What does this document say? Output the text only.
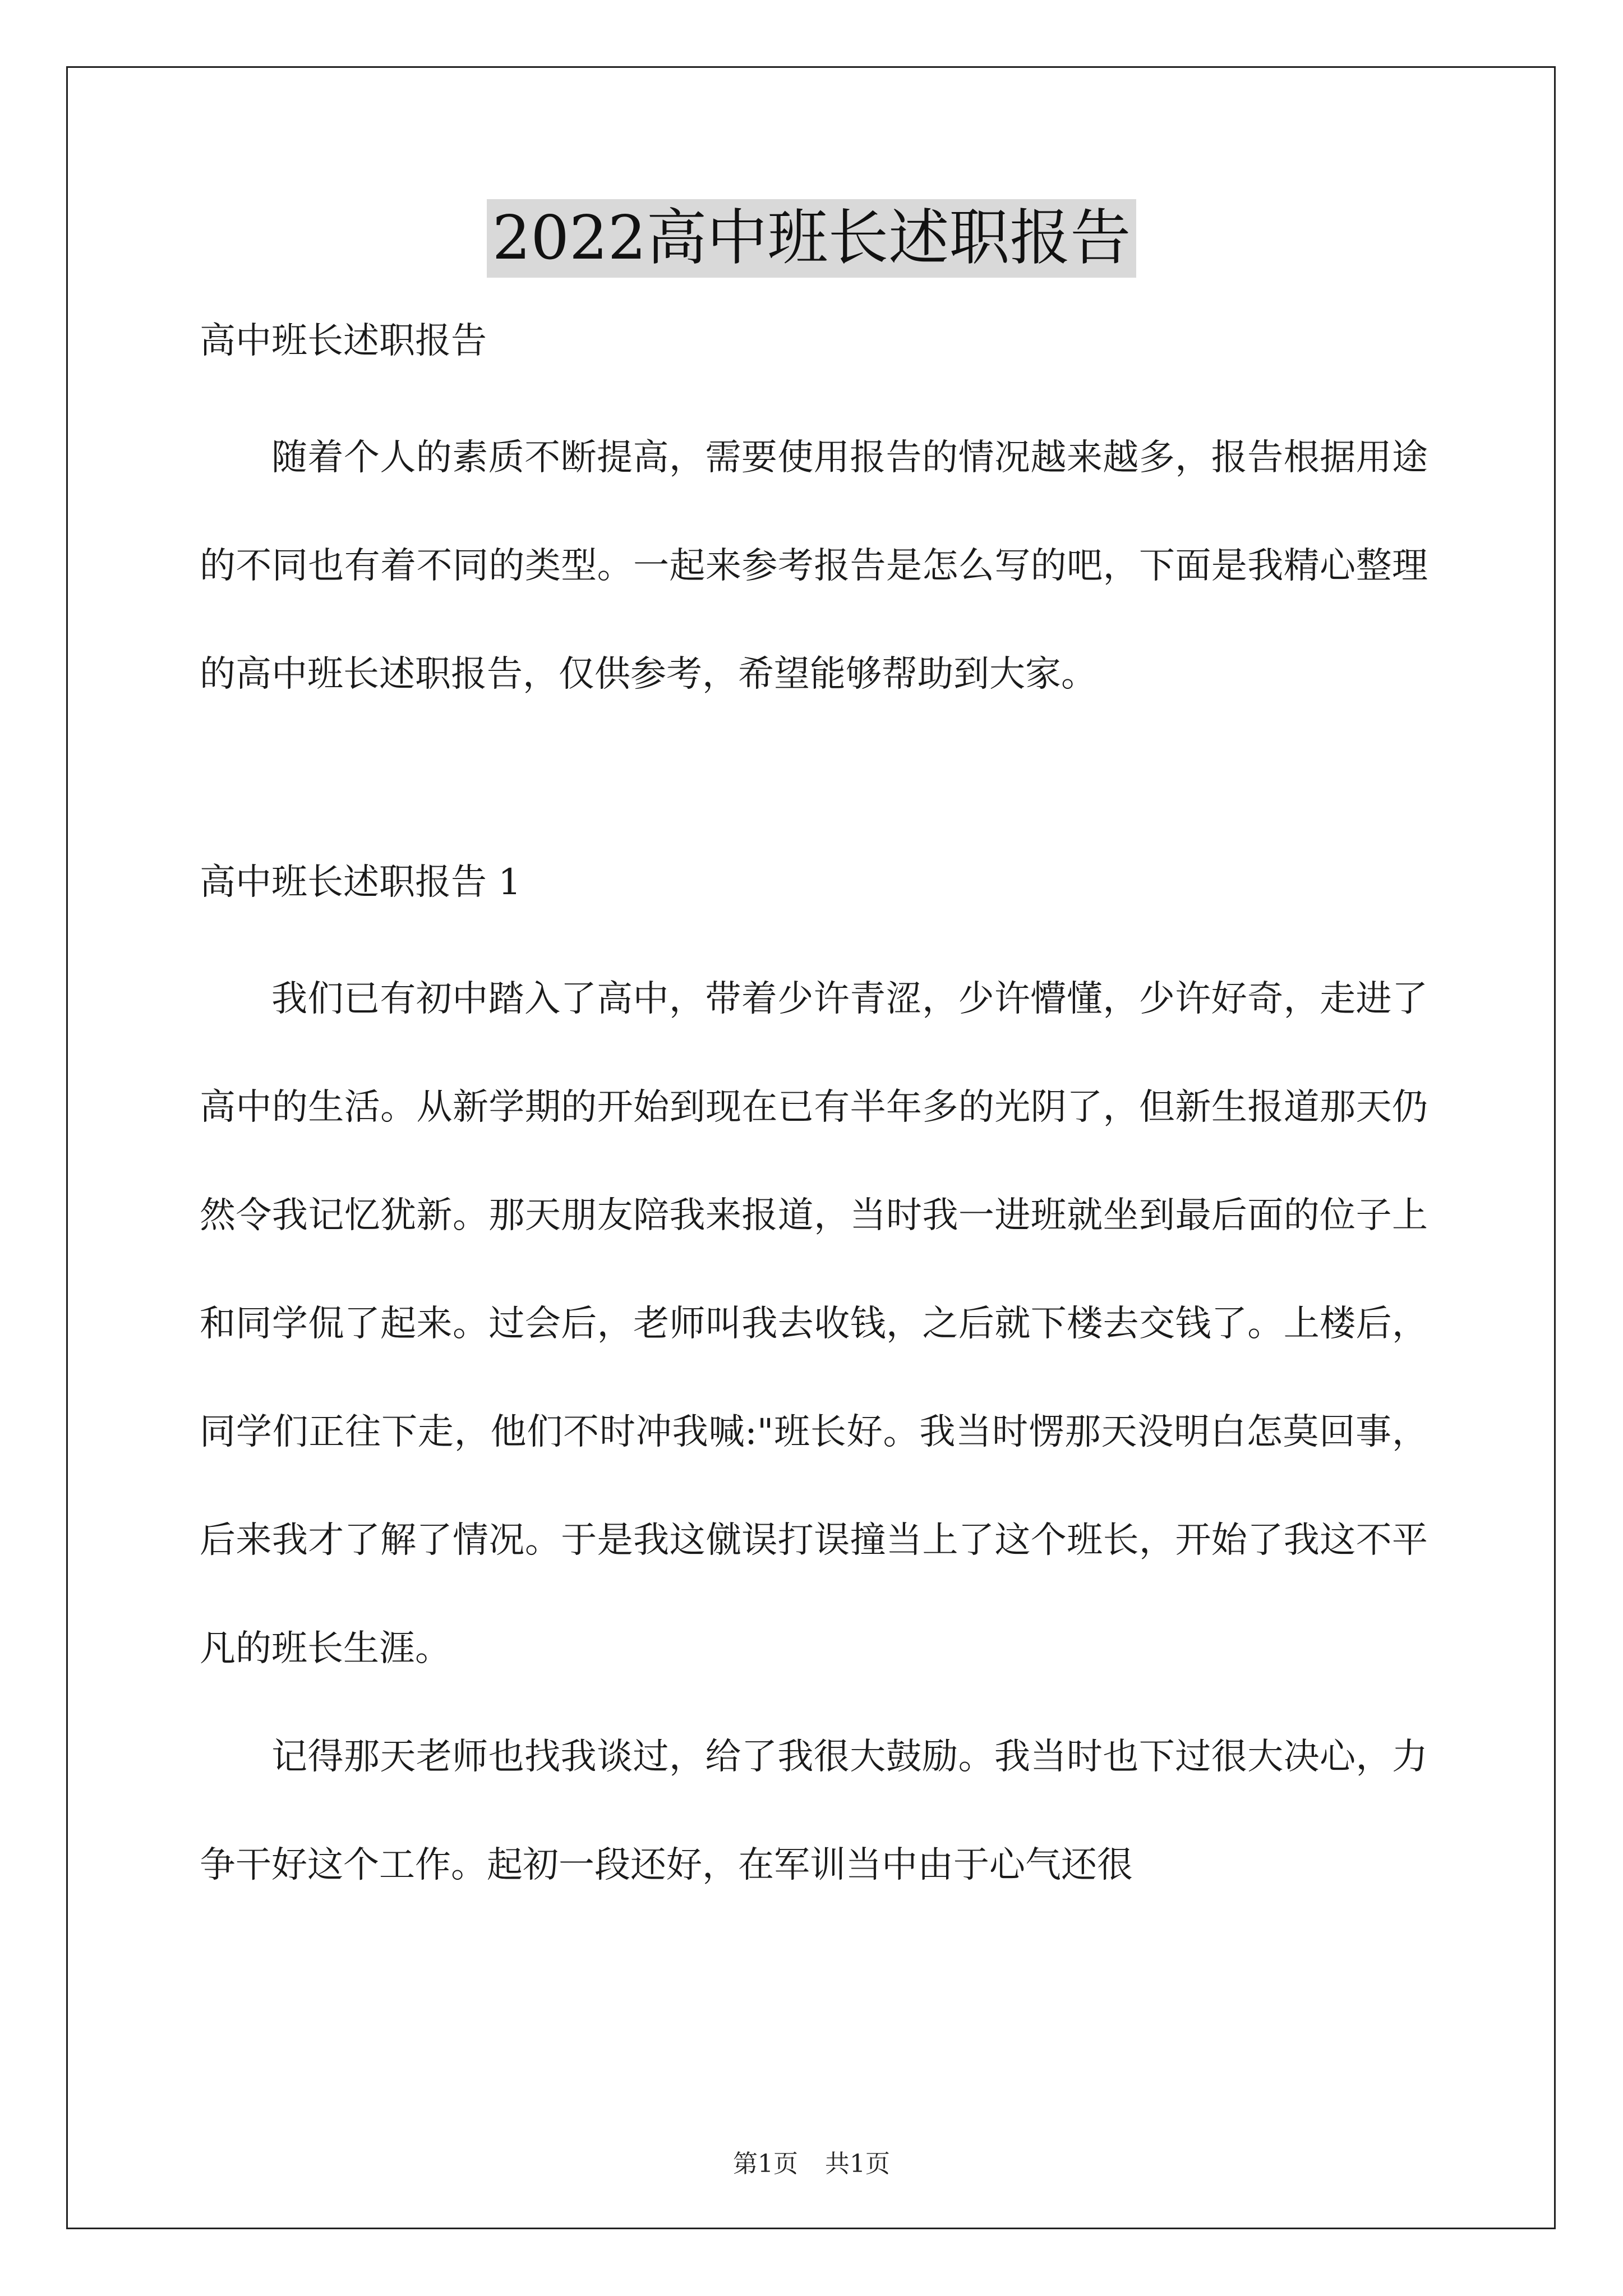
2022高中班长述职报告

高中班长述职报告

随着个人的素质不断提高，需要使用报告的情况越来越多，报告根据用途的不同也有着不同的类型。一起来参考报告是怎么写的吧，下面是我精心整理的高中班长述职报告，仅供参考，希望能够帮助到大家。

高中班长述职报告 1

我们已有初中踏入了高中，带着少许青涩，少许懵懂，少许好奇，走进了高中的生活。从新学期的开始到现在已有半年多的光阴了，但新生报道那天仍然令我记忆犹新。那天朋友陪我来报道，当时我一进班就坐到最后面的位子上和同学侃了起来。过会后，老师叫我去收钱，之后就下楼去交钱了。上楼后，同学们正往下走，他们不时冲我喊:"班长好。我当时愣那天没明白怎莫回事，后来我才了解了情况。于是我这僦误打误撞当上了这个班长，开始了我这不平凡的班长生涯。

记得那天老师也找我谈过，给了我很大鼓励。我当时也下过很大决心，力争干好这个工作。起初一段还好，在军训当中由于心气还很

第1页 共1页
